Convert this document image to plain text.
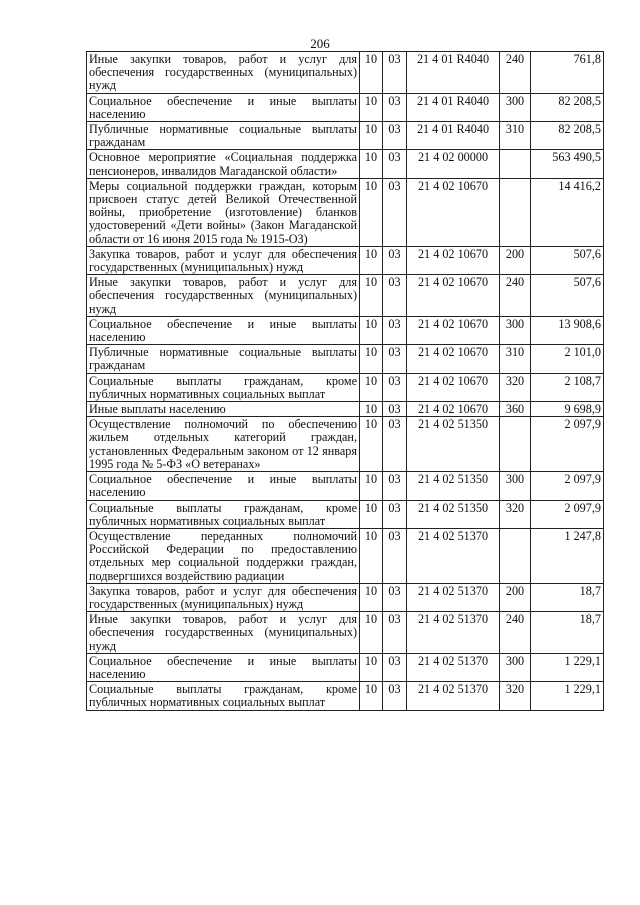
206
Иные закупки товаров, работ и услуг для обеспечения государственных (муниципальных) нужд	10	03	21 4 01 R4040	240	761,8
Социальное обеспечение и иные выплаты населению	10	03	21 4 01 R4040	300	82 208,5
Публичные нормативные социальные выплаты гражданам	10	03	21 4 01 R4040	310	82 208,5
Основное мероприятие «Социальная поддержка пенсионеров, инвалидов Магаданской области»	10	03	21 4 02 00000		563 490,5
Меры социальной поддержки граждан, которым присвоен статус детей Великой Отечественной войны, приобретение (изготовление) бланков удостоверений «Дети войны» (Закон Магаданской области от 16 июня 2015 года № 1915-ОЗ)	10	03	21 4 02 10670		14 416,2
Закупка товаров, работ и услуг для обеспечения государственных (муниципальных) нужд	10	03	21 4 02 10670	200	507,6
Иные закупки товаров, работ и услуг для обеспечения государственных (муниципальных) нужд	10	03	21 4 02 10670	240	507,6
Социальное обеспечение и иные выплаты населению	10	03	21 4 02 10670	300	13 908,6
Публичные нормативные социальные выплаты гражданам	10	03	21 4 02 10670	310	2 101,0
Социальные выплаты гражданам, кроме публичных нормативных социальных выплат	10	03	21 4 02 10670	320	2 108,7
Иные выплаты населению	10	03	21 4 02 10670	360	9 698,9
Осуществление полномочий по обеспечению жильем отдельных категорий граждан, установленных Федеральным законом от 12 января 1995 года № 5-ФЗ «О ветеранах»	10	03	21 4 02 51350		2 097,9
Социальное обеспечение и иные выплаты населению	10	03	21 4 02 51350	300	2 097,9
Социальные выплаты гражданам, кроме публичных нормативных социальных выплат	10	03	21 4 02 51350	320	2 097,9
Осуществление переданных полномочий Российской Федерации по предоставлению отдельных мер социальной поддержки граждан, подвергшихся воздействию радиации	10	03	21 4 02 51370		1 247,8
Закупка товаров, работ и услуг для обеспечения государственных (муниципальных) нужд	10	03	21 4 02 51370	200	18,7
Иные закупки товаров, работ и услуг для обеспечения государственных (муниципальных) нужд	10	03	21 4 02 51370	240	18,7
Социальное обеспечение и иные выплаты населению	10	03	21 4 02 51370	300	1 229,1
Социальные выплаты гражданам, кроме публичных нормативных социальных выплат	10	03	21 4 02 51370	320	1 229,1
